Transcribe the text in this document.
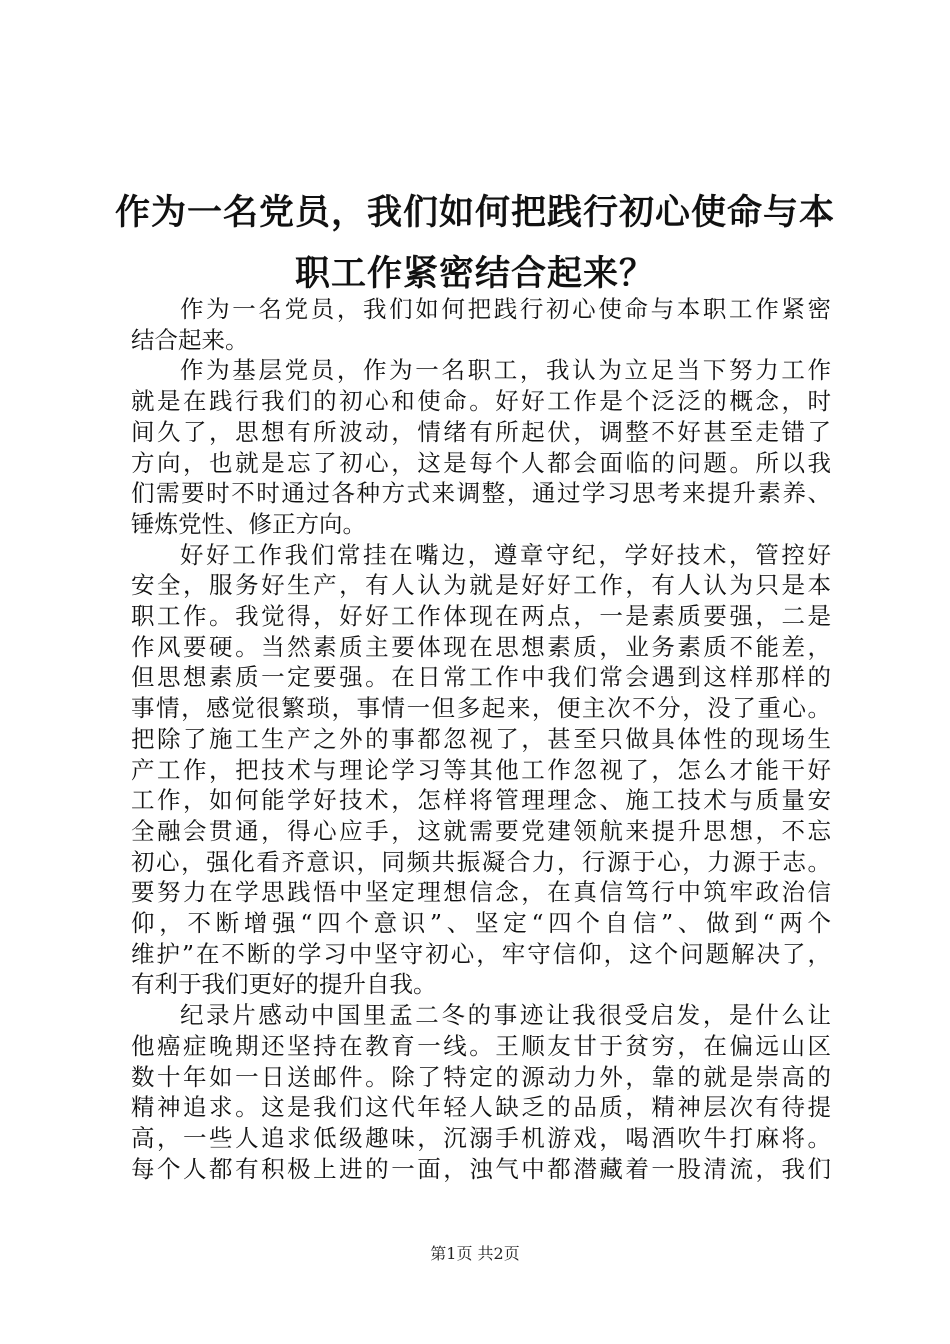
作为一名党员，我们如何把践行初心使命与本
职工作紧密结合起来？

作为一名党员，我们如何把践行初心使命与本职工作紧密
结合起来。

作为基层党员，作为一名职工，我认为立足当下努力工作
就是在践行我们的初心和使命。好好工作是个泛泛的概念，时
间久了，思想有所波动，情绪有所起伏，调整不好甚至走错了
方向，也就是忘了初心，这是每个人都会面临的问题。所以我
们需要时不时通过各种方式来调整，通过学习思考来提升素养、
锤炼党性、修正方向。

好好工作我们常挂在嘴边，遵章守纪，学好技术，管控好
安全，服务好生产，有人认为就是好好工作，有人认为只是本
职工作。我觉得，好好工作体现在两点，一是素质要强，二是
作风要硬。当然素质主要体现在思想素质，业务素质不能差，
但思想素质一定要强。在日常工作中我们常会遇到这样那样的
事情，感觉很繁琐，事情一但多起来，便主次不分，没了重心。
把除了施工生产之外的事都忽视了，甚至只做具体性的现场生
产工作，把技术与理论学习等其他工作忽视了，怎么才能干好
工作，如何能学好技术，怎样将管理理念、施工技术与质量安
全融会贯通，得心应手，这就需要党建领航来提升思想，不忘
初心，强化看齐意识，同频共振凝合力，行源于心，力源于志。
要努力在学思践悟中坚定理想信念，在真信笃行中筑牢政治信
仰，不断增强“四个意识”、坚定“四个自信”、做到“两个
维护”在不断的学习中坚守初心，牢守信仰，这个问题解决了，
有利于我们更好的提升自我。

纪录片感动中国里孟二冬的事迹让我很受启发，是什么让
他癌症晚期还坚持在教育一线。王顺友甘于贫穷，在偏远山区
数十年如一日送邮件。除了特定的源动力外，靠的就是崇高的
精神追求。这是我们这代年轻人缺乏的品质，精神层次有待提
高，一些人追求低级趣味，沉溺手机游戏，喝酒吹牛打麻将。
每个人都有积极上进的一面，浊气中都潜藏着一股清流，我们

第1页 共2页
